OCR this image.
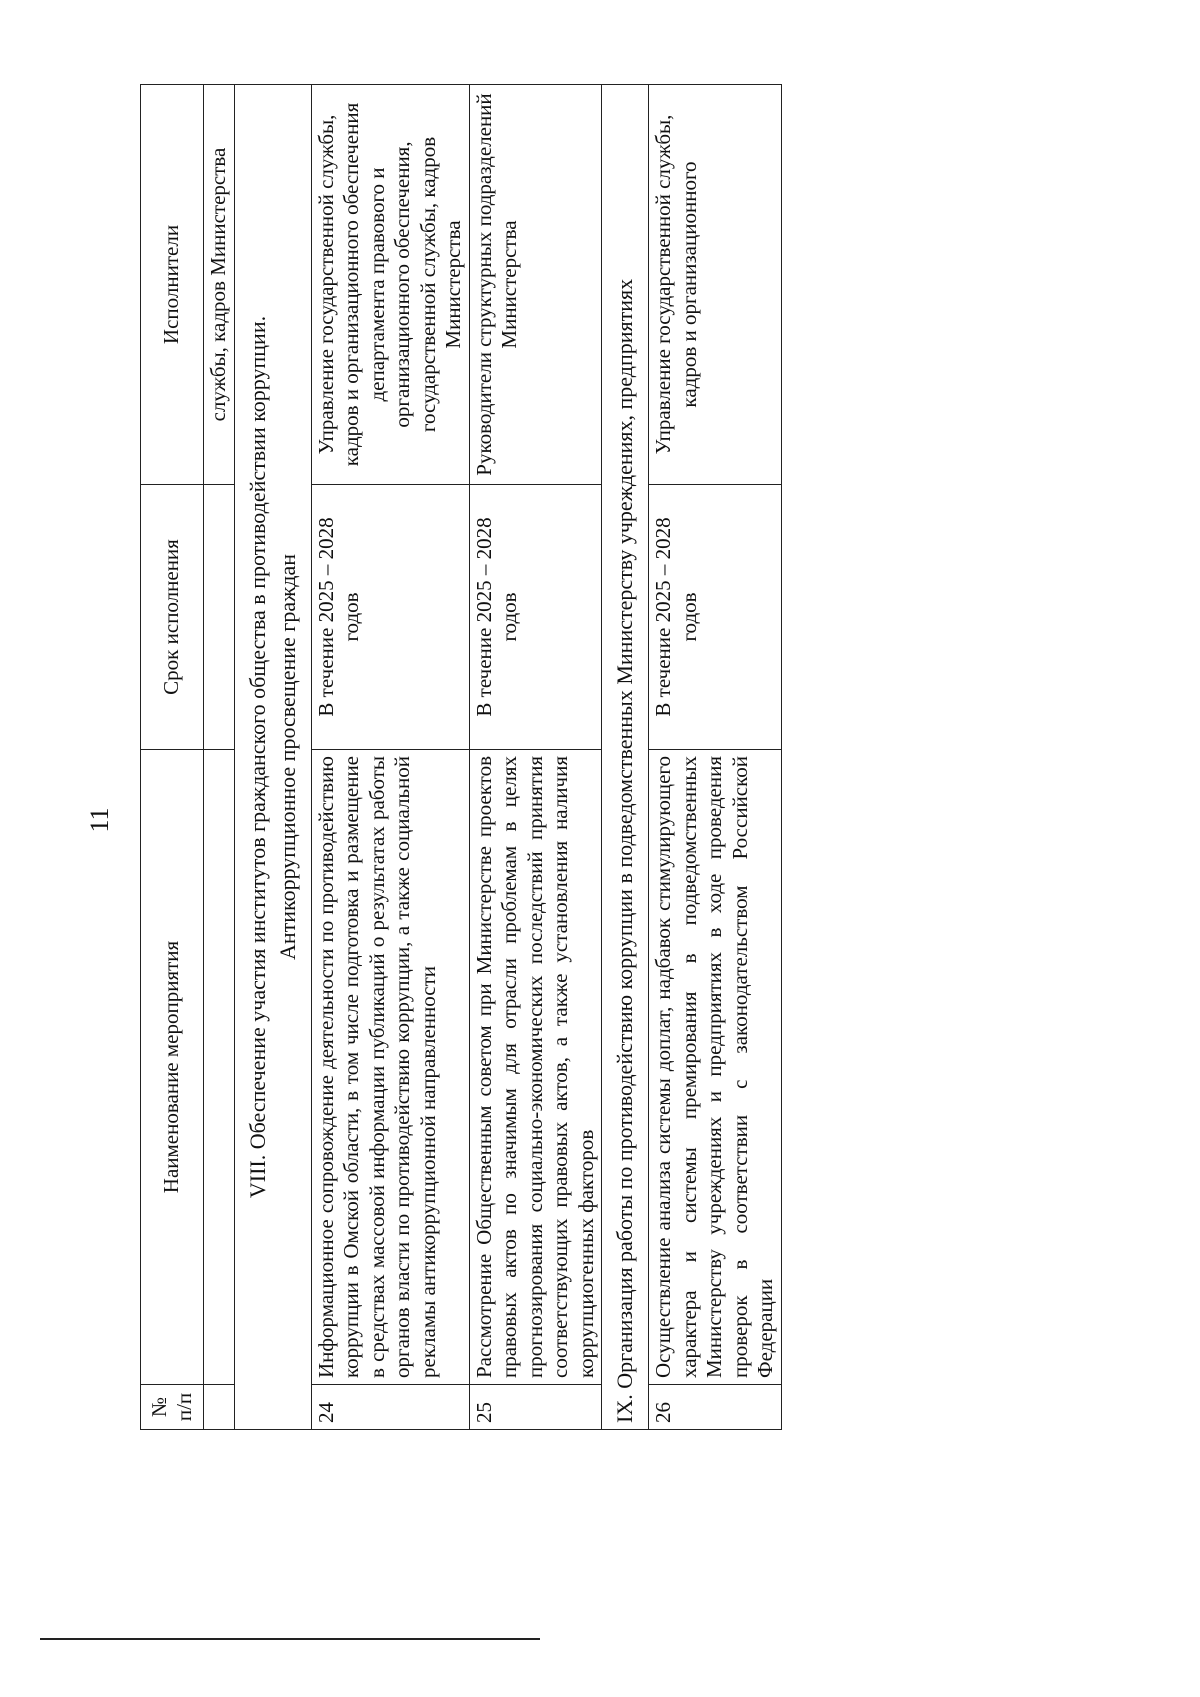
11
№ п/п	Наименование мероприятия	Срок исполнения	Исполнители
			службы, кадров Министерства

VIII. Обеспечение участия институтов гражданского общества в противодействии коррупции. Антикоррупционное просвещение граждан			

24	Информационное сопровождение деятельности по противодействию коррупции в Омской области, в том числе подготовка и размещение в средствах массовой информации публикаций о результатах работы органов власти по противодействию коррупции, а также социальной рекламы антикоррупционной направленности	В течение 2025 – 2028 годов	Управление государственной службы, кадров и организационного обеспечения департамента правового и организационного обеспечения, государственной службы, кадров Министерства
25	Рассмотрение Общественным советом при Министерстве проектов правовых актов по значимым для отрасли проблемам в целях прогнозирования социально-экономических последствий принятия соответствующих правовых актов, а также установления наличия коррупциогенных факторов	В течение 2025 – 2028 годов	Руководители структурных подразделений Министерства
IX. Организация работы по противодействию коррупции в подведомственных Министерству учреждениях, предприятиях			
26	Осуществление анализа системы доплат, надбавок стимулирующего характера и системы премирования в подведомственных Министерству учреждениях и предприятиях в ходе проведения проверок в соответствии с законодательством Российской Федерации	В течение 2025 – 2028 годов	Управление государственной службы, кадров и организационного
